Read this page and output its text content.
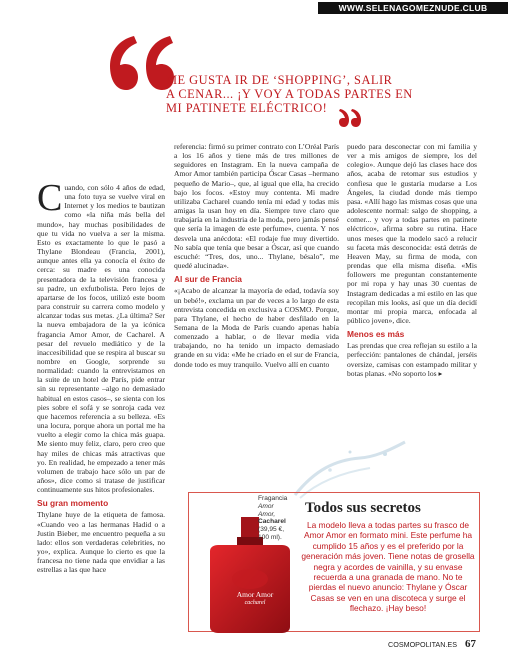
WWW.SELENAGOMEZNUDE.CLUB
ME GUSTA IR DE ‘SHOPPING’, SALIR
A CENAR... ¡Y VOY A TODAS PARTES EN
MI PATINETE ELÉCTRICO!
C uando, con sólo 4 años de edad, una foto tuya se vuelve viral en Internet y los medios te bautizan como «la niña más bella del mundo», hay muchas posibilidades de que tu vida no vuelva a ser la misma. Esto es exactamente lo que le pasó a Thylane Blondeau (Francia, 2001), aunque antes ella ya conocía el éxito de cerca: su madre es una conocida presentadora de la televisión francesa y su padre, un exfutbolista. Pero lejos de apartarse de los focos, utilizó este boom para construir su carrera como modelo y alcanzar todas sus metas. ¿La última? Ser la nueva embajadora de la ya icónica fragancia Amor Amor, de Cacharel. A pesar del revuelo mediático y de la inaccesibilidad que se respira al buscar su nombre en Google, sorprende su normalidad: cuando la entrevistamos en la suite de un hotel de París, pide entrar sin su representante –algo no demasiado habitual en estos casos–, se sienta con los pies sobre el sofá y se sonroja cada vez que hacemos referencia a su belleza. «Es una locura, porque ahora un portal me ha vuelto a elegir como la chica más guapa. Me siento muy feliz, claro, pero creo que hay miles de chicas más atractivas que yo. En realidad, he empezado a tener más volumen de trabajo hace sólo un par de años», dice como si tratase de justificar continuamente sus hitos profesionales.

Su gran momento

Thylane huye de la etiqueta de famosa. «Cuando veo a las hermanas Hadid o a Justin Bieber, me encuentro pequeña a su lado: ellos son verdaderas celebrities, no yo», explica. Aunque lo cierto es que la francesa no tiene nada que envidiar a las estrellas a las que hace

referencia: firmó su primer contrato con L’Oréal París a los 16 años y tiene más de tres millones de seguidores en Instagram. En la nueva campaña de Amor Amor también participa Óscar Casas –hermano pequeño de Mario–, que, al igual que ella, ha crecido bajo los focos. «Estoy muy contenta. Mi madre utilizaba Cacharel cuando tenía mi edad y todas mis amigas la usan hoy en día. Siempre tuve claro que trabajaría en la industria de la moda, pero jamás pensé que sería la imagen de este perfume», cuenta. Y nos desvela una anécdota: «El rodaje fue muy divertido. No sabía que tenía que besar a Óscar, así que cuando escuché: “Tres, dos, uno... Thylane, bésalo”, me quedé alucinada».

Al sur de Francia

«¡Acabo de alcanzar la mayoría de edad, todavía soy un bebé!», exclama un par de veces a lo largo de esta entrevista concedida en exclusiva a COSMO. Porque, para Thylane, el hecho de haber desfilado en la Semana de la Moda de París cuando apenas había comenzado a hablar, o de llevar media vida trabajando, no ha tenido un impacto demasiado grande en su vida: «Me he criado en el sur de Francia, donde todo es muy tranquilo. Vuelvo allí en cuanto

puedo para desconectar con mi familia y ver a mis amigos de siempre, los del colegio». Aunque dejó las clases hace dos años, acaba de retomar sus estudios y confiesa que le gustaría mudarse a Los Ángeles, la ciudad donde más tiempo pasa. «Allí hago las mismas cosas que una adolescente normal: salgo de shopping, a comer... y voy a todas partes en patinete eléctrico», afirma sobre su rutina. Hace unos meses que la modelo sacó a relucir su faceta más desconocida: está detrás de Heaven May, su firma de moda, con prendas que ella misma diseña. «Mis followers me preguntan constantemente por mi ropa y hay unas 30 cuentas de Instagram dedicadas a mi estilo en las que recopilan mis looks, así que un día decidí montar mi propia marca, enfocada al público joven», dice.

Menos es más

Las prendas que crea reflejan su estilo a la perfección: pantalones de chándal, jerséis oversize, camisas con estampado militar y botas planas. «No soporto los ▸

Amor Amor
cacharel
Fragancia
Amor
Amor,
Cacharel
(39,95 €,
100 ml).
Todos sus secretos
La modelo lleva a todas partes su frasco de Amor Amor en formato mini. Este perfume ha cumplido 15 años y es el preferido por la generación más joven. Tiene notas de grosella negra y acordes de vainilla, y su envase recuerda a una granada de mano. No te pierdas el nuevo anuncio: Thylane y Óscar Casas se ven en una discoteca y surge el flechazo. ¡Hay beso!
COSMOPOLITAN.ES 67
